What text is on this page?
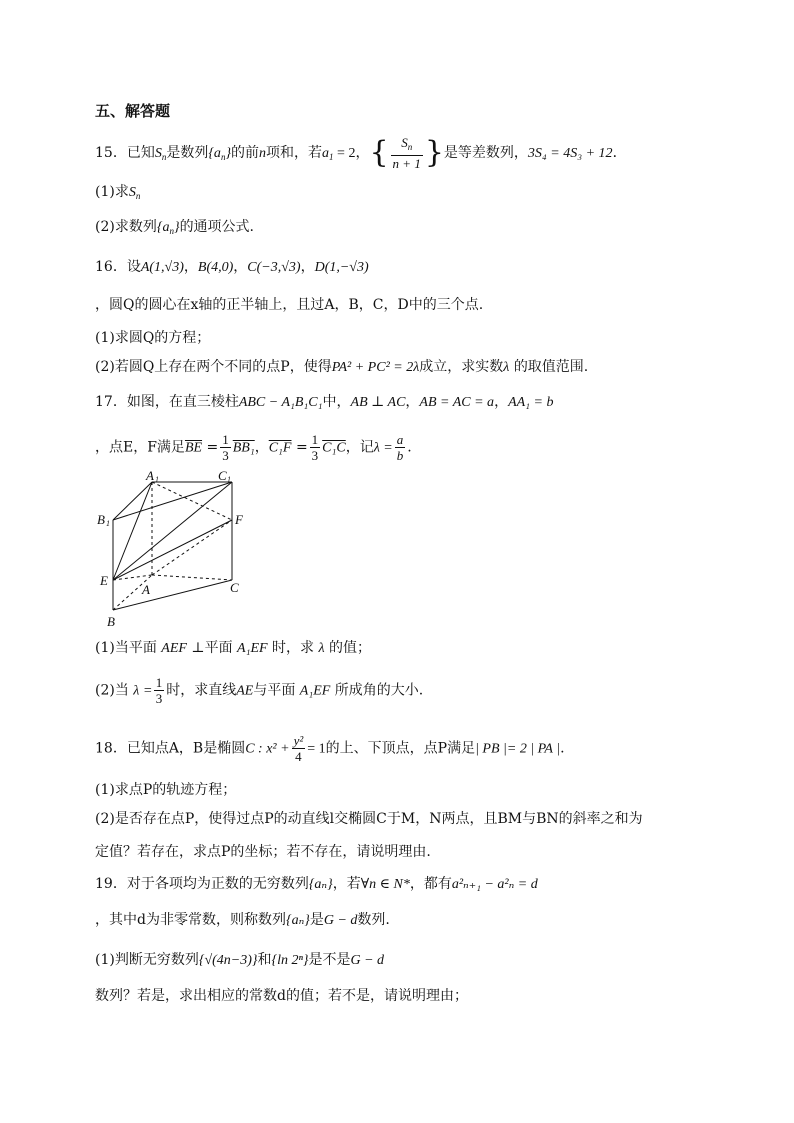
五、解答题
15．已知$S_n$是数列$\{a_n\}$的前n项和，若$a_1 = 2$，{ $\frac{S_n}{n + 1}$ }是等差数列，3S₄ = 4S₃ + 12．
(1)求$S_n$
(2)求数列$\{a_n\}$的通项公式.
16．设A(1,√3)，B(4,0)，C(−3,√3)，D(1,−√3)
，圆Q的圆心在x轴的正半轴上，且过A，B，C，D中的三个点.
(1)求圆Q的方程；
(2)若圆Q上存在两个不同的点P，使得PA² + PC² = 2λ成立，求实数λ 的取值范围.
17．如图，在直三棱柱ABC − A₁B₁C₁中，AB ⊥ AC，AB = AC = a，AA₁ = b
，点E，F满足$\overline{BE} = \frac{1}{3} BB_1$，$C_1F = \frac{1}{3} C_1C$，记$\lambda = \frac{a}{b}$ .
A 1	C 1
B 1	F
E
A	C
B
(1)当平面 AEF ⊥平面 A₁EF 时，求 λ 的值；
(2)当 $\lambda = \frac{1}{3}$ 时，求直线AE与平面 A₁EF 所成角的大小.
18．已知点A，B是椭圆C : $x^2 + \frac{\text{y²}}{4} = 1$的上、下顶点，点P满足| PB |= 2 | PA |.
(1)求点P的轨迹方程；
(2)是否存在点P，使得过点P的动直线l交椭圆C于M，N两点，且BM与BN的斜率之和为
定值？若存在，求点P的坐标；若不存在，请说明理由.
19．对于各项均为正数的无穷数列{aₙ}，若∀n ∈ N*，都有a²ₙ₊₁ − a²ₙ = d
，其中d为非零常数，则称数列{aₙ}是G − d数列.
(1)判断无穷数列{√(4n−3)}和{ln 2ⁿ}是不是G − d
数列？若是，求出相应的常数d的值；若不是，请说明理由；
